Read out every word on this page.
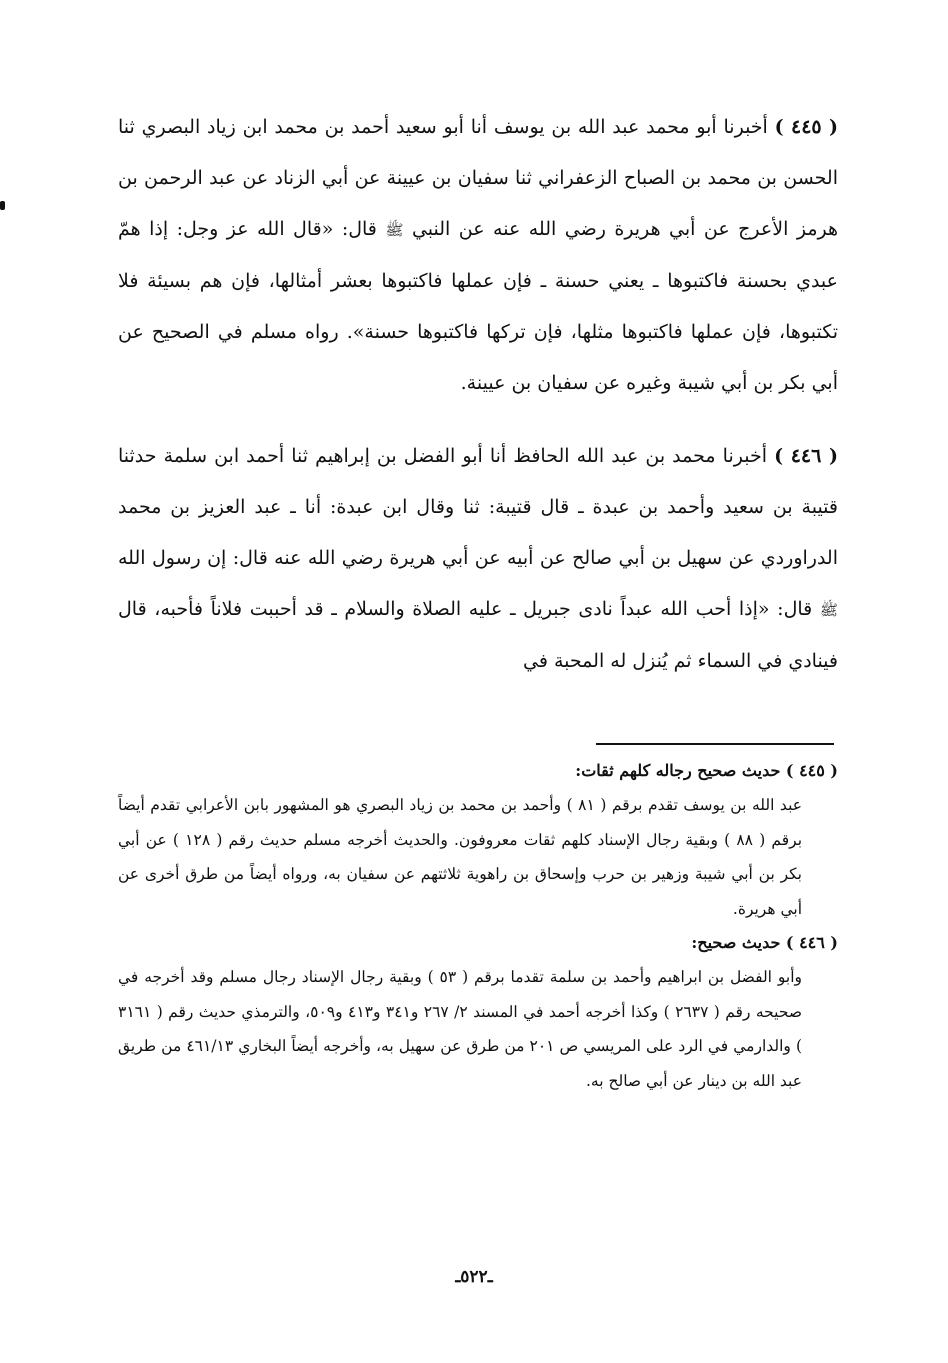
( ٤٤٥ ) أخبرنا أبو محمد عبد الله بن يوسف أنا أبو سعيد أحمد بن محمد ابن زياد البصري ثنا الحسن بن محمد بن الصباح الزعفراني ثنا سفيان بن عيينة عن أبي الزناد عن عبد الرحمن بن هرمز الأعرج عن أبي هريرة رضي الله عنه عن النبي ﷺ قال: «قال الله عز وجل: إذا همّ عبدي بحسنة فاكتبوها ـ يعني حسنة ـ فإن عملها فاكتبوها بعشر أمثالها، فإن هم بسيئة فلا تكتبوها، فإن عملها فاكتبوها مثلها، فإن تركها فاكتبوها حسنة». رواه مسلم في الصحيح عن أبي بكر بن أبي شيبة وغيره عن سفيان بن عيينة.

( ٤٤٦ ) أخبرنا محمد بن عبد الله الحافظ أنا أبو الفضل بن إبراهيم ثنا أحمد ابن سلمة حدثنا قتيبة بن سعيد وأحمد بن عبدة ـ قال قتيبة: ثنا وقال ابن عبدة: أنا ـ عبد العزيز بن محمد الدراوردي عن سهيل بن أبي صالح عن أبيه عن أبي هريرة رضي الله عنه قال: إن رسول الله ﷺ قال: «إذا أحب الله عبداً نادى جبريل ـ عليه الصلاة والسلام ـ قد أحببت فلاناً فأحبه، قال فينادي في السماء ثم يُنزل له المحبة في

( ٤٤٥ ) حديث صحيح رجاله كلهم ثقات:

عبد الله بن يوسف تقدم برقم ( ٨١ ) وأحمد بن محمد بن زياد البصري هو المشهور بابن الأعرابي تقدم أيضاً برقم ( ٨٨ ) وبقية رجال الإسناد كلهم ثقات معروفون. والحديث أخرجه مسلم حديث رقم ( ١٢٨ ) عن أبي بكر بن أبي شيبة وزهير بن حرب وإسحاق بن راهوية ثلاثتهم عن سفيان به، ورواه أيضاً من طرق أخرى عن أبي هريرة.

( ٤٤٦ ) حديث صحيح:

وأبو الفضل بن ابراهيم وأحمد بن سلمة تقدما برقم ( ٥٣ ) وبقية رجال الإسناد رجال مسلم وقد أخرجه في صحيحه رقم ( ٢٦٣٧ ) وكذا أخرجه أحمد في المسند ٢/ ٢٦٧ و٣٤١ و٤١٣ و٥٠٩، والترمذي حديث رقم ( ٣١٦١ ) والدارمي في الرد على المريسي ص ٢٠١ من طرق عن سهيل به، وأخرجه أيضاً البخاري ٤٦١/١٣ من طريق عبد الله بن دينار عن أبي صالح به.

ـ٥٢٢ـ
